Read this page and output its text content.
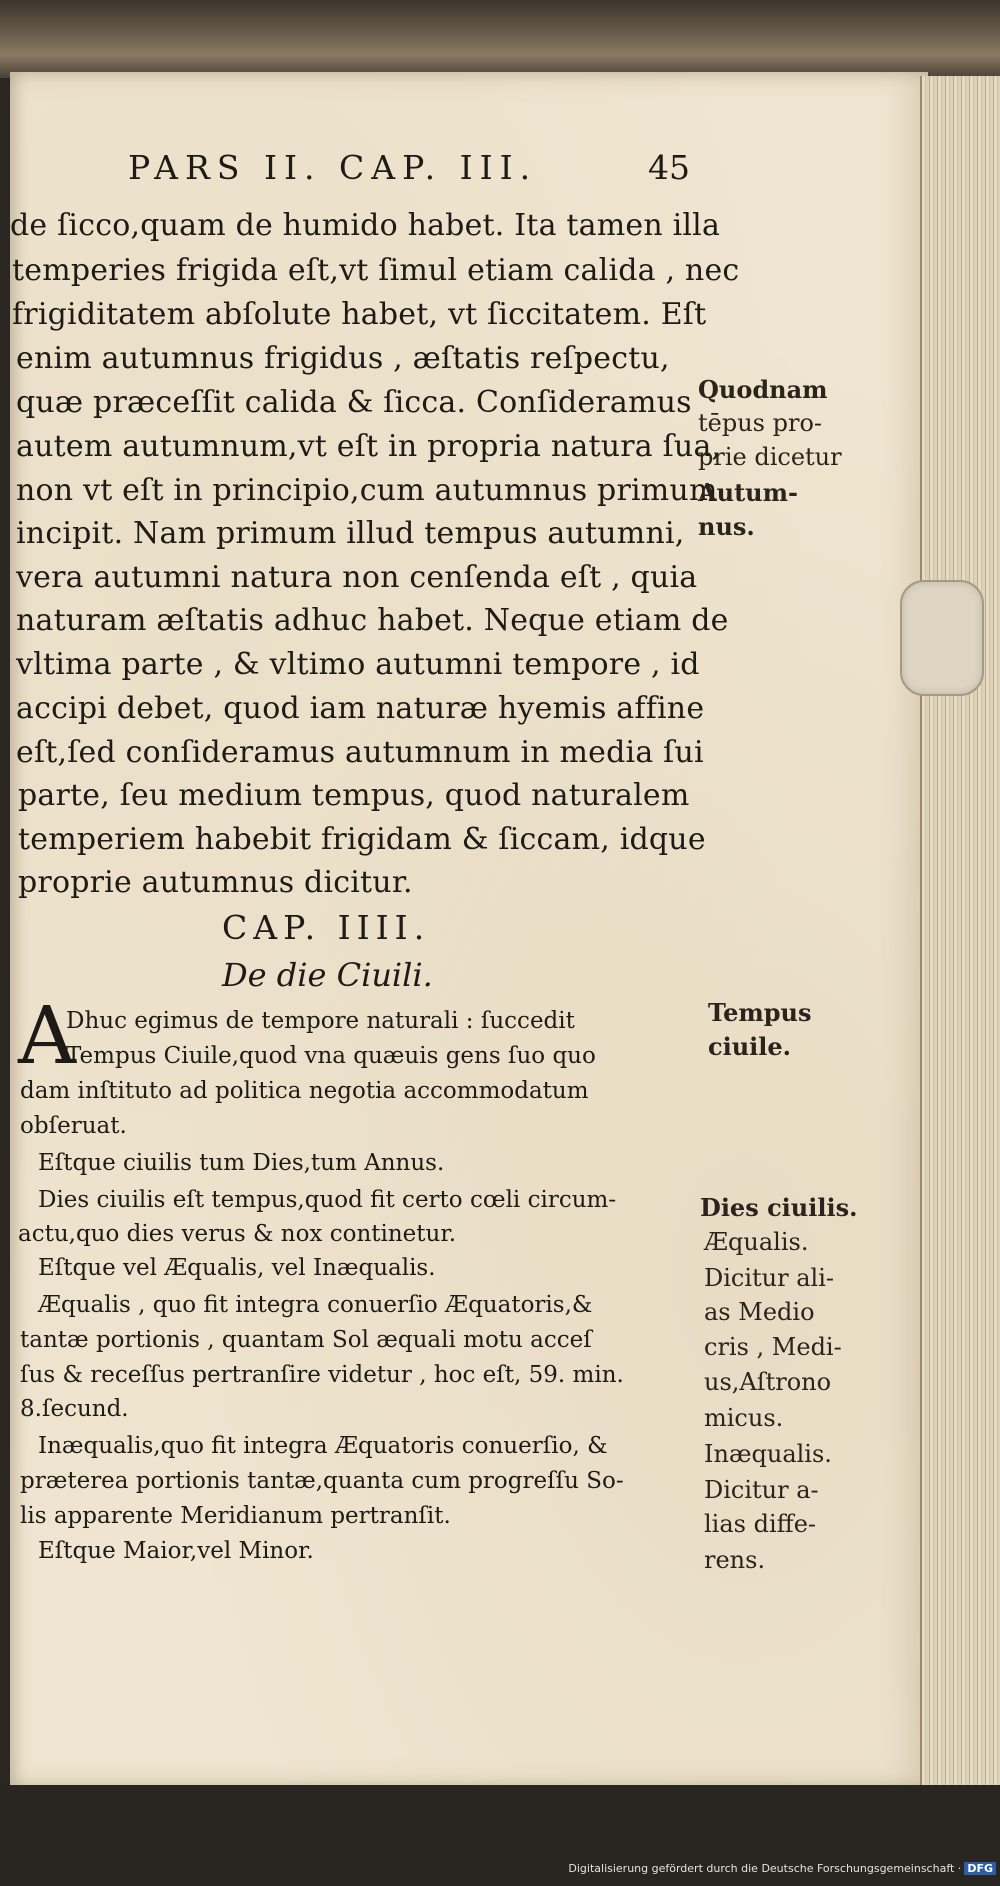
PARS II. CAP. III.	45
de ſicco,quam de humido habet. Ita tamen illa
temperies frigida eſt,vt ſimul etiam calida , nec
frigiditatem abſolute habet, vt ſiccitatem. Eſt
enim autumnus frigidus , æſtatis reſpectu,
quæ præceſſit calida & ſicca. Conſideramus
autem autumnum,vt eſt in propria natura ſua,
non vt eſt in principio,cum autumnus primum
incipit. Nam primum illud tempus autumni,
vera autumni natura non cenſenda eſt , quia
naturam æſtatis adhuc habet. Neque etiam de
vltima parte , & vltimo autumni tempore , id
accipi debet, quod iam naturæ hyemis affine
eſt,ſed conſideramus autumnum in media ſui
parte, ſeu medium tempus, quod naturalem
temperiem habebit frigidam & ſiccam, idque
proprie autumnus dicitur.
Quodnam
tēpus pro-
prie dicetur
Autum-
nus.
CAP. IIII.
De die Ciuili.
A
Dhuc egimus de tempore naturali : ſuccedit
Tempus Ciuile,quod vna quæuis gens ſuo quo
dam inſtituto ad politica negotia accommodatum
obſeruat.
Eſtque ciuilis tum Dies,tum Annus.
Dies ciuilis eſt tempus,quod fit certo cœli circum-
actu,quo dies verus & nox continetur.
Eſtque vel Æqualis, vel Inæqualis.
Æqualis , quo fit integra conuerſio Æquatoris,&
tantæ portionis , quantam Sol æquali motu acceſ
ſus & receſſus pertranſire videtur , hoc eſt, 59. min.
8.ſecund.
Inæqualis,quo fit integra Æquatoris conuerſio, &
præterea portionis tantæ,quanta cum progreſſu So-
lis apparente Meridianum pertranſit.
Eſtque Maior,vel Minor.
Tempus
ciuile.
Dies ciuilis.
Æqualis.
Dicitur ali-
as Medio
cris , Medi-
us,Aſtrono
micus.
Inæqualis.
Dicitur a-
lias diffe-
rens.
Digitalisierung gefördert durch die Deutsche Forschungsgemeinschaft · DFG
